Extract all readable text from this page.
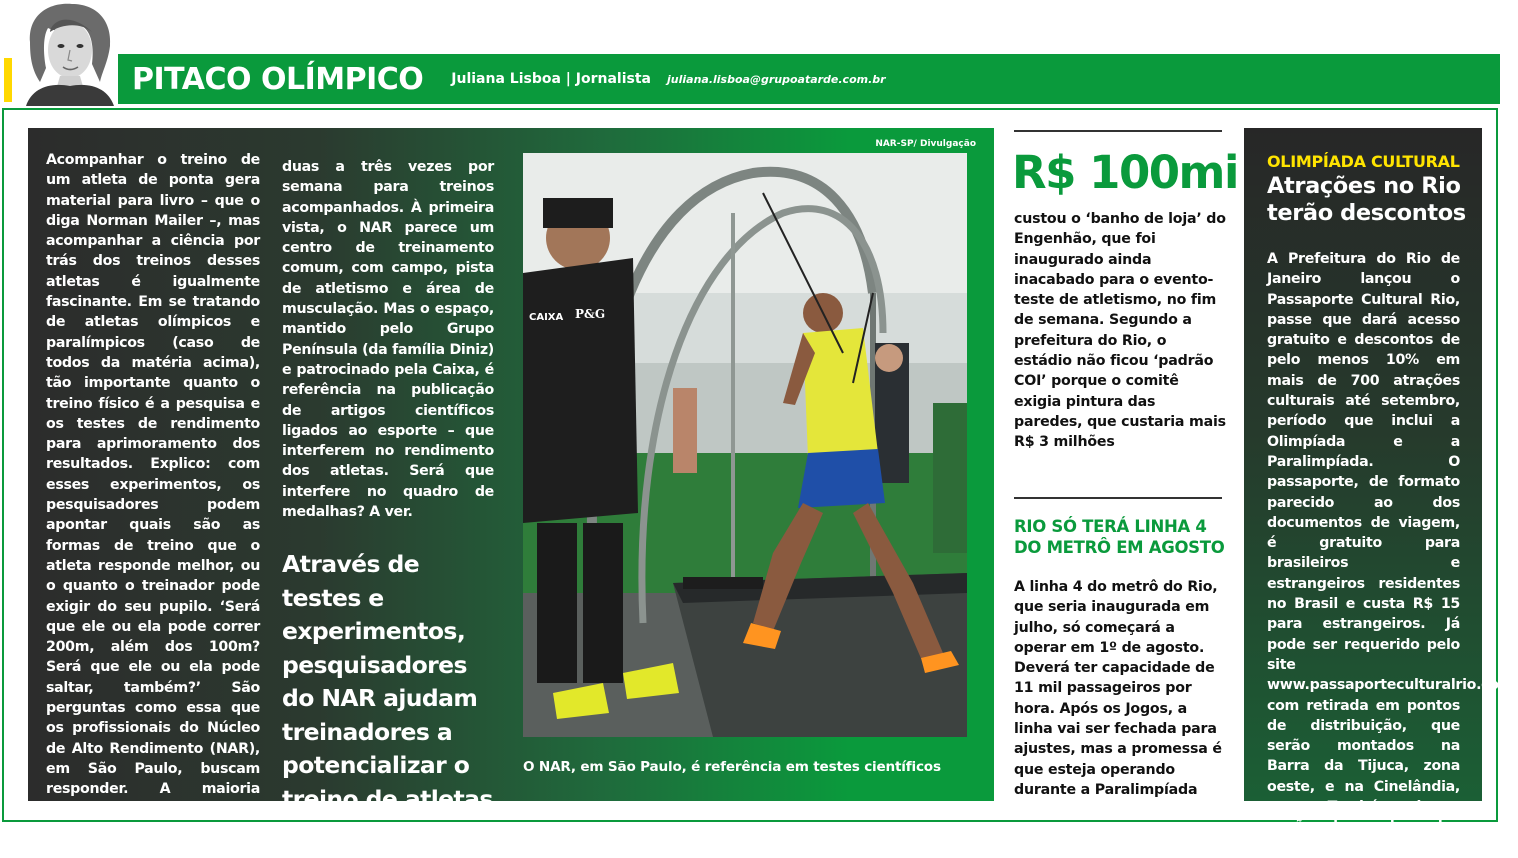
PITACO OLÍMPICO Juliana Lisboa | Jornalista juliana.lisboa@grupoatarde.com.br

Acompanhar o treino de um atleta de ponta gera material para livro – que o diga Norman Mailer –, mas acompanhar a ciência por trás dos treinos desses atletas é igualmente fascinante. Em se tratando de atletas olímpicos e paralímpicos (caso de todos da matéria acima), tão importante quanto o treino físico é a pesquisa e os testes de rendimento para aprimoramento dos resultados. Explico: com esses experimentos, os pesquisadores podem apontar quais são as formas de treino que o atleta responde melhor, ou o quanto o treinador pode exigir do seu pupilo. ‘Será que ele ou ela pode correr 200m, além dos 100m? Será que ele ou ela pode saltar, também?’ São perguntas como essa que os profissionais do Núcleo de Alto Rendimento (NAR), em São Paulo, buscam responder. A maioria desses atletas vai ao NAR de

duas a três vezes por semana para treinos acompanhados. À primeira vista, o NAR parece um centro de treinamento comum, com campo, pista de atletismo e área de musculação. Mas o espaço, mantido pelo Grupo Península (da família Diniz) e patrocinado pela Caixa, é referência na publicação de artigos científicos ligados ao esporte – que interferem no rendimento dos atletas. Será que interfere no quadro de medalhas? A ver.

Através de testes e experimentos, pesquisadores do NAR ajudam treinadores a potencializar o treino de atletas

NAR-SP/ Divulgação
CAIXA P&G
O NAR, em São Paulo, é referência em testes científicos
R$ 100mi

custou o ‘banho de loja’ do Engenhão, que foi inaugurado ainda inacabado para o evento-teste de atletismo, no fim de semana. Segundo a prefeitura do Rio, o estádio não ficou ‘padrão COI’ porque o comitê exigia pintura das paredes, que custaria mais R$ 3 milhões

RIO SÓ TERÁ LINHA 4 DO METRÔ EM AGOSTO

A linha 4 do metrô do Rio, que seria inaugurada em julho, só começará a operar em 1º de agosto. Deverá ter capacidade de 11 mil passageiros por hora. Após os Jogos, a linha vai ser fechada para ajustes, mas a promessa é que esteja operando durante a Paralimpíada

OLIMPÍADA CULTURAL
Atrações no Rio terão descontos

A Prefeitura do Rio de Janeiro lançou o Passaporte Cultural Rio, passe que dará acesso gratuito e descontos de pelo menos 10% em mais de 700 atrações culturais até setembro, período que inclui a Olimpíada e a Paralimpíada. O passaporte, de formato parecido ao dos documentos de viagem, é gratuito para brasileiros e estrangeiros residentes no Brasil e custa R$ 15 para estrangeiros. Já pode ser requerido pelo site www.passaporteculturalrio.com, com retirada em pontos de distribuição, que serão montados na Barra da Tijuca, zona oeste, e na Cinelândia, centro. Também existe a opção de envio pelos correios.
